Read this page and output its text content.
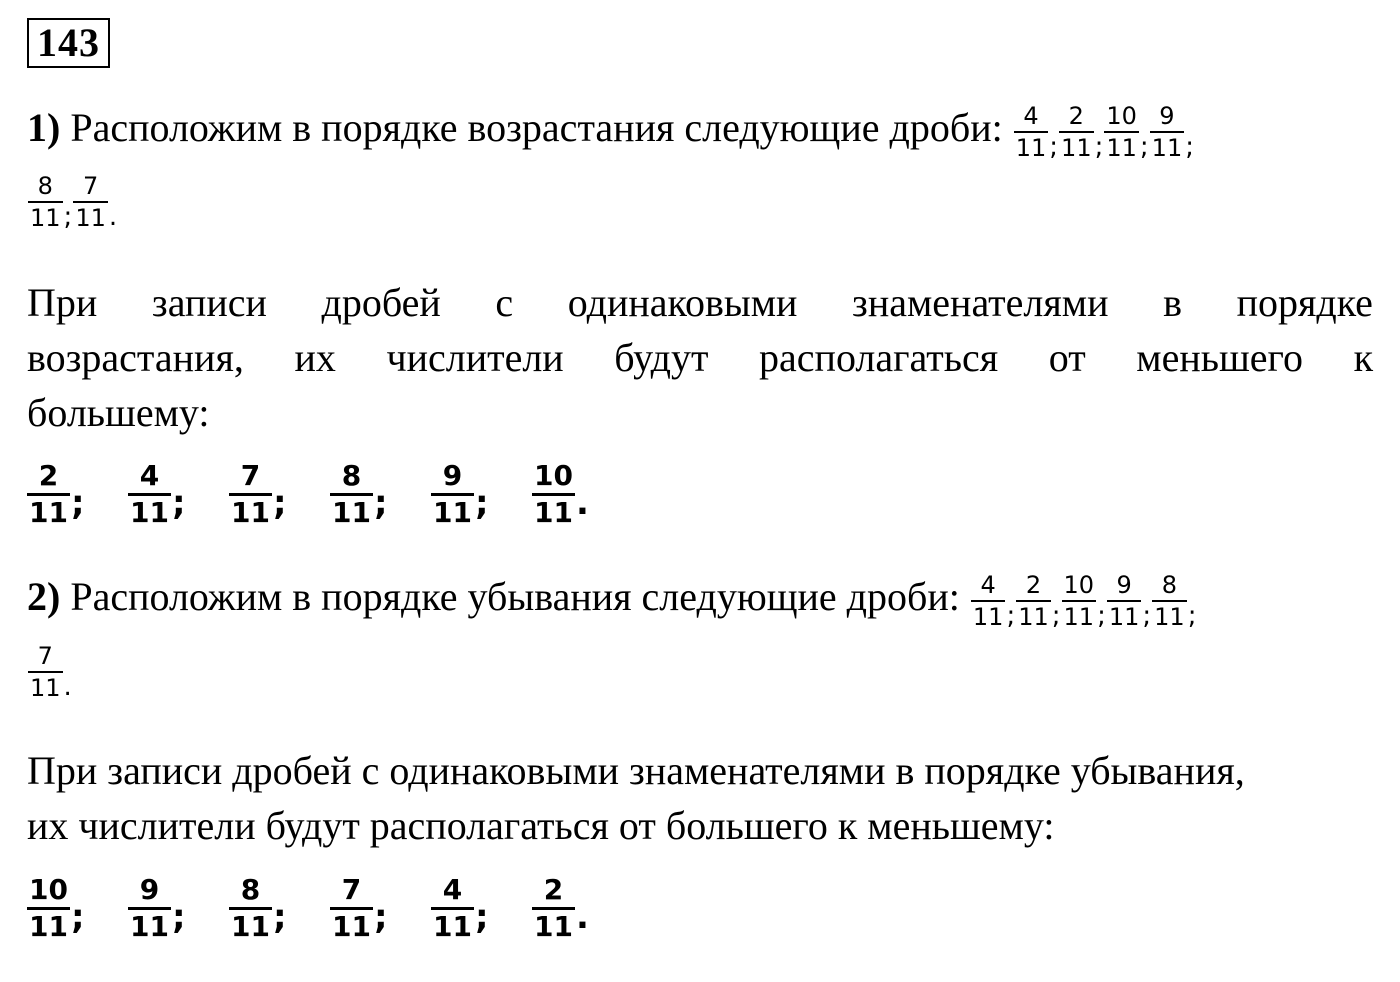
143
1) Расположим в порядке возрастания следующие дроби: $\frac{4}{11} _; \frac{2}{11} _; \frac{10}{11} _; \frac{9}{11} _;$
$\frac{8}{11} _; \frac{7}{11} _.$
При записи дробей с одинаковыми знаменателями в порядке
возрастания, их числители будут располагаться от меньшего к
большему:
$\frac{2}{11}$ ; $\frac{4}{11}$ ; $\frac{7}{11}$ ; $\frac{8}{11}$ ; $\frac{9}{11}$ ; $\frac{10}{11}$ .
2) Расположим в порядке убывания следующие дроби: $\frac{4}{11} _; \frac{2}{11} _; \frac{10}{11} _; \frac{9}{11} _; \frac{8}{11} _;$
$\frac{7}{11} _.$
При записи дробей с одинаковыми знаменателями в порядке убывания,
их числители будут располагаться от большего к меньшему:
$\frac{10}{11}$ ; $\frac{9}{11}$ ; $\frac{8}{11}$ ; $\frac{7}{11}$ ; $\frac{4}{11}$ ; $\frac{2}{11}$ .
